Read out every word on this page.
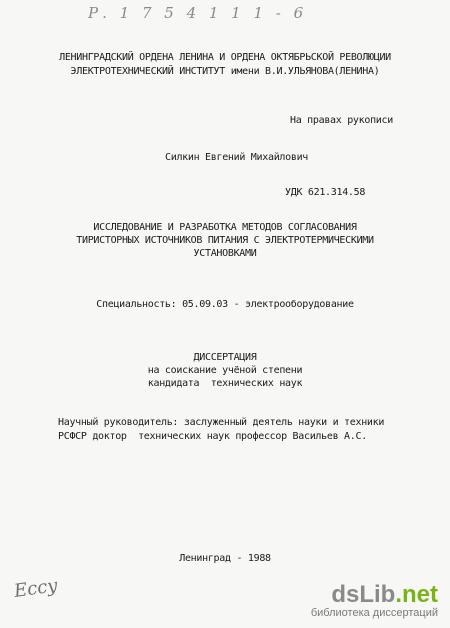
Р. 1 7 5 4 1 1 1 - 6
ЛЕНИНГРАДСКИЙ ОРДЕНА ЛЕНИНА И ОРДЕНА ОКТЯБРЬСКОЙ РЕВОЛЮЦИИ
ЭЛЕКТРОТЕХНИЧЕСКИЙ ИНСТИТУТ имени В.И.УЛЬЯНОВА(ЛЕНИНА)
На правах рукописи
Силкин Евгений Михайлович
УДК 621.314.58
ИССЛЕДОВАНИЕ И РАЗРАБОТКА МЕТОДОВ СОГЛАСОВАНИЯ
ТИРИСТОРНЫХ ИСТОЧНИКОВ ПИТАНИЯ С ЭЛЕКТРОТЕРМИЧЕСКИМИ
УСТАНОВКАМИ
Специальность: 05.09.03 - электрооборудование
ДИССЕРТАЦИЯ
на соискание учёной степени
кандидата  технических наук
Научный руководитель: заслуженный деятель науки и техники
РСФСР доктор  технических наук профессор Васильев А.С.
Ленинград - 1988
Eccy	dsLib.net
библиотека диссертаций
